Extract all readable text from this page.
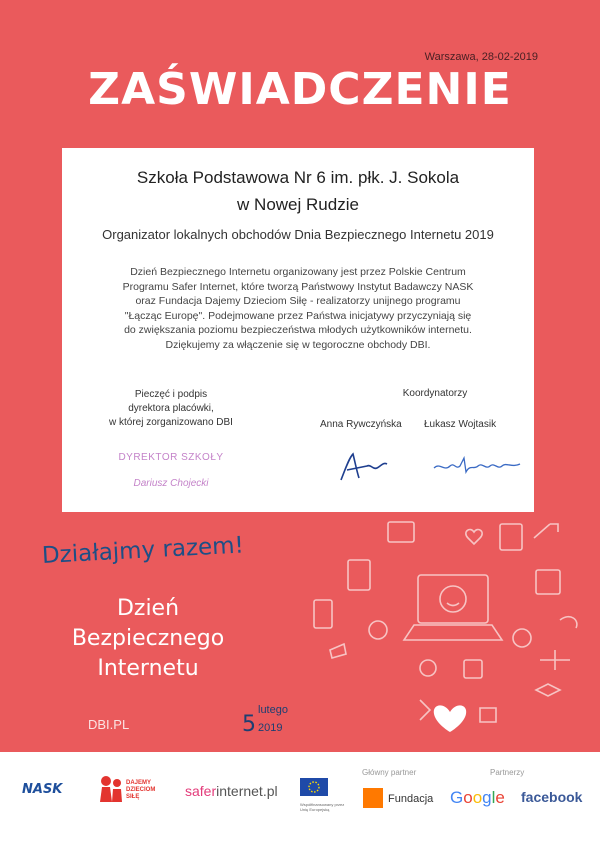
Warszawa, 28-02-2019
ZAŚWIADCZENIE
Szkoła Podstawowa Nr 6 im. płk. J. Sokola
w Nowej Rudzie
Organizator lokalnych obchodów Dnia Bezpiecznego Internetu 2019
Dzień Bezpiecznego Internetu organizowany jest przez Polskie Centrum
Programu Safer Internet, które tworzą Państwowy Instytut Badawczy NASK
oraz Fundacja Dajemy Dzieciom Siłę - realizatorzy unijnego programu
"Łącząc Europę". Podejmowane przez Państwa inicjatywy przyczyniają się
do zwiększania poziomu bezpieczeństwa młodych użytkowników internetu.
Dziękujemy za włączenie się w tegoroczne obchody DBI.
Pieczęć i podpis
dyrektora placówki,
w której zorganizowano DBI
Koordynatorzy
Anna Rywczyńska Łukasz Wojtasik
DYREKTOR SZKOŁY
Dariusz Chojecki
Działajmy razem!
Dzień
Bezpiecznego
Internetu
DBI.PL	5
lutego
2019
Główny partner	Partnerzy
NASK	DAJEMY DZIECIOM SIŁĘ	saferinternet.pl
Współfinansowany przez Unię Europejską
Fundacja Google facebook
